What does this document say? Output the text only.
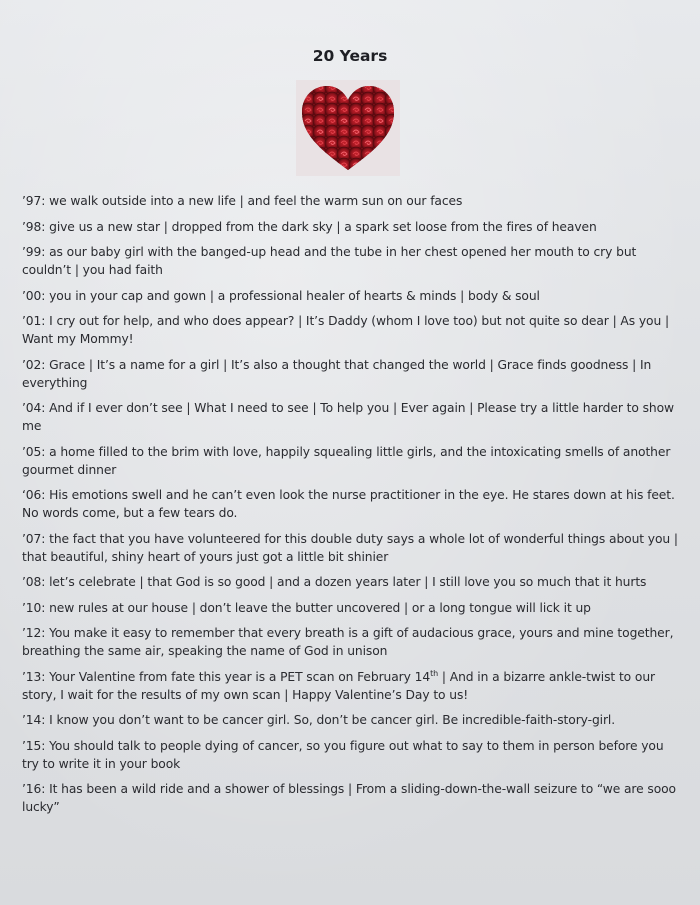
20 Years

’97: we walk outside into a new life | and feel the warm sun on our faces

’98: give us a new star | dropped from the dark sky | a spark set loose from the fires of heaven

’99: as our baby girl with the banged-up head and the tube in her chest opened her mouth to cry but couldn’t | you had faith

’00: you in your cap and gown | a professional healer of hearts & minds | body & soul

’01: I cry out for help, and who does appear? | It’s Daddy (whom I love too) but not quite so dear | As you | Want my Mommy!

’02: Grace | It’s a name for a girl | It’s also a thought that changed the world | Grace finds goodness | In everything

’04: And if I ever don’t see | What I need to see | To help you | Ever again | Please try a little harder to show me

’05: a home filled to the brim with love, happily squealing little girls, and the intoxicating smells of another gourmet dinner

‘06: His emotions swell and he can’t even look the nurse practitioner in the eye. He stares down at his feet. No words come, but a few tears do.

’07: the fact that you have volunteered for this double duty says a whole lot of wonderful things about you | that beautiful, shiny heart of yours just got a little bit shinier

’08: let’s celebrate | that God is so good | and a dozen years later | I still love you so much that it hurts

’10: new rules at our house | don’t leave the butter uncovered | or a long tongue will lick it up

’12: You make it easy to remember that every breath is a gift of audacious grace, yours and mine together, breathing the same air, speaking the name of God in unison

’13: Your Valentine from fate this year is a PET scan on February 14th | And in a bizarre ankle-twist to our story, I wait for the results of my own scan | Happy Valentine’s Day to us!

’14: I know you don’t want to be cancer girl. So, don’t be cancer girl. Be incredible-faith-story-girl.

’15: You should talk to people dying of cancer, so you figure out what to say to them in person before you try to write it in your book

’16: It has been a wild ride and a shower of blessings | From a sliding-down-the-wall seizure to “we are sooo lucky”
